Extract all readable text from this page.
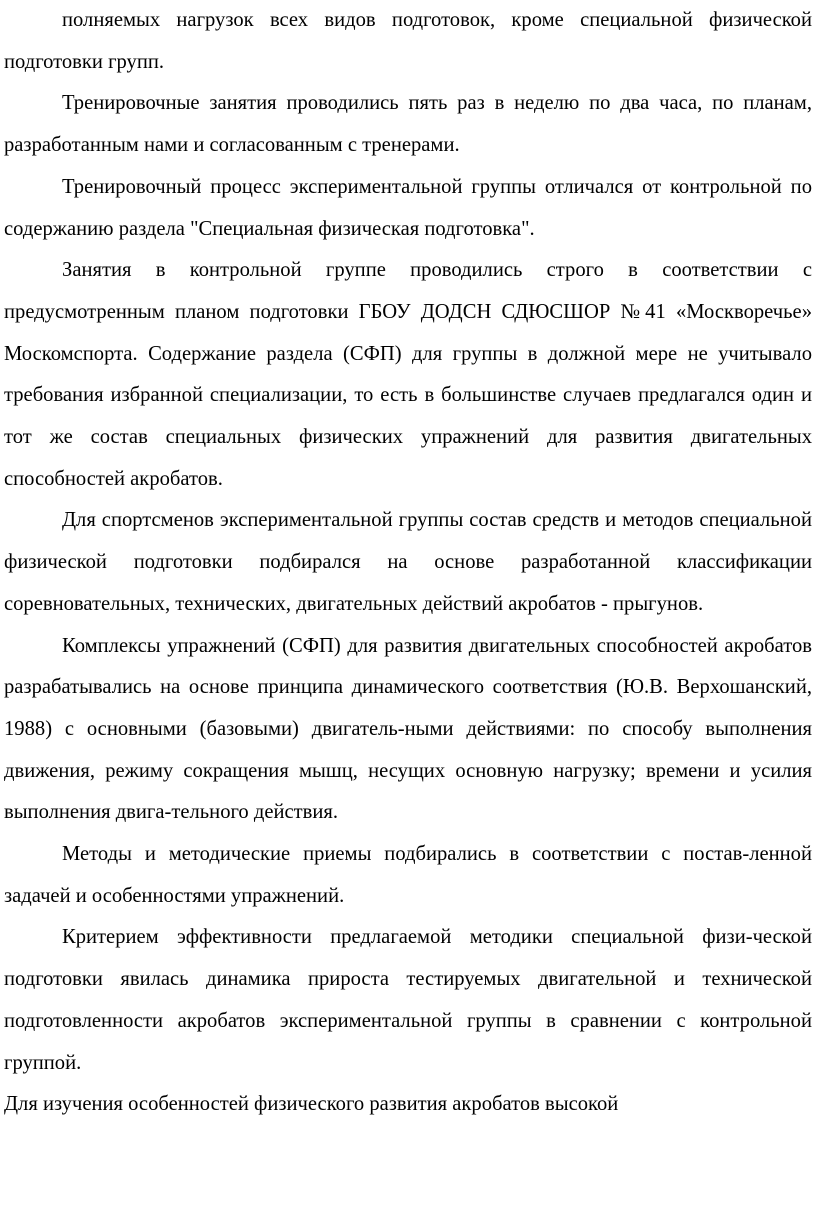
полняемых нагрузок всех видов подготовок, кроме специальной физической подготовки групп.

Тренировочные занятия проводились пять раз в неделю по два часа, по планам, разработанным нами и согласованным с тренерами.

Тренировочный процесс экспериментальной группы отличался от контрольной по содержанию раздела "Специальная физическая подготовка".

Занятия в контрольной группе проводились строго в соответствии с предусмотренным планом подготовки ГБОУ ДОДСН СДЮСШОР №41 «Москворечье» Москомспорта. Содержание раздела (СФП) для группы в должной мере не учитывало требования избранной специализации, то есть в большинстве случаев предлагался один и тот же состав специальных физических упражнений для развития двигательных способностей акробатов.

Для спортсменов экспериментальной группы состав средств и методов специальной физической подготовки подбирался на основе разработанной классификации соревновательных, технических, двигательных действий акробатов - прыгунов.

Комплексы упражнений (СФП) для развития двигательных способностей акробатов разрабатывались на основе принципа динамического соответствия (Ю.В. Верхошанский, 1988) с основными (базовыми) двигатель-ными действиями: по способу выполнения движения, режиму сокращения мышц, несущих основную нагрузку; времени и усилия выполнения двига-тельного действия.

Методы и методические приемы подбирались в соответствии с постав-ленной задачей и особенностями упражнений.

Критерием эффективности предлагаемой методики специальной физи-ческой подготовки явилась динамика прироста тестируемых двигательной и технической подготовленности акробатов экспериментальной группы в сравнении с контрольной группой.

Для изучения особенностей физического развития акробатов высокой
